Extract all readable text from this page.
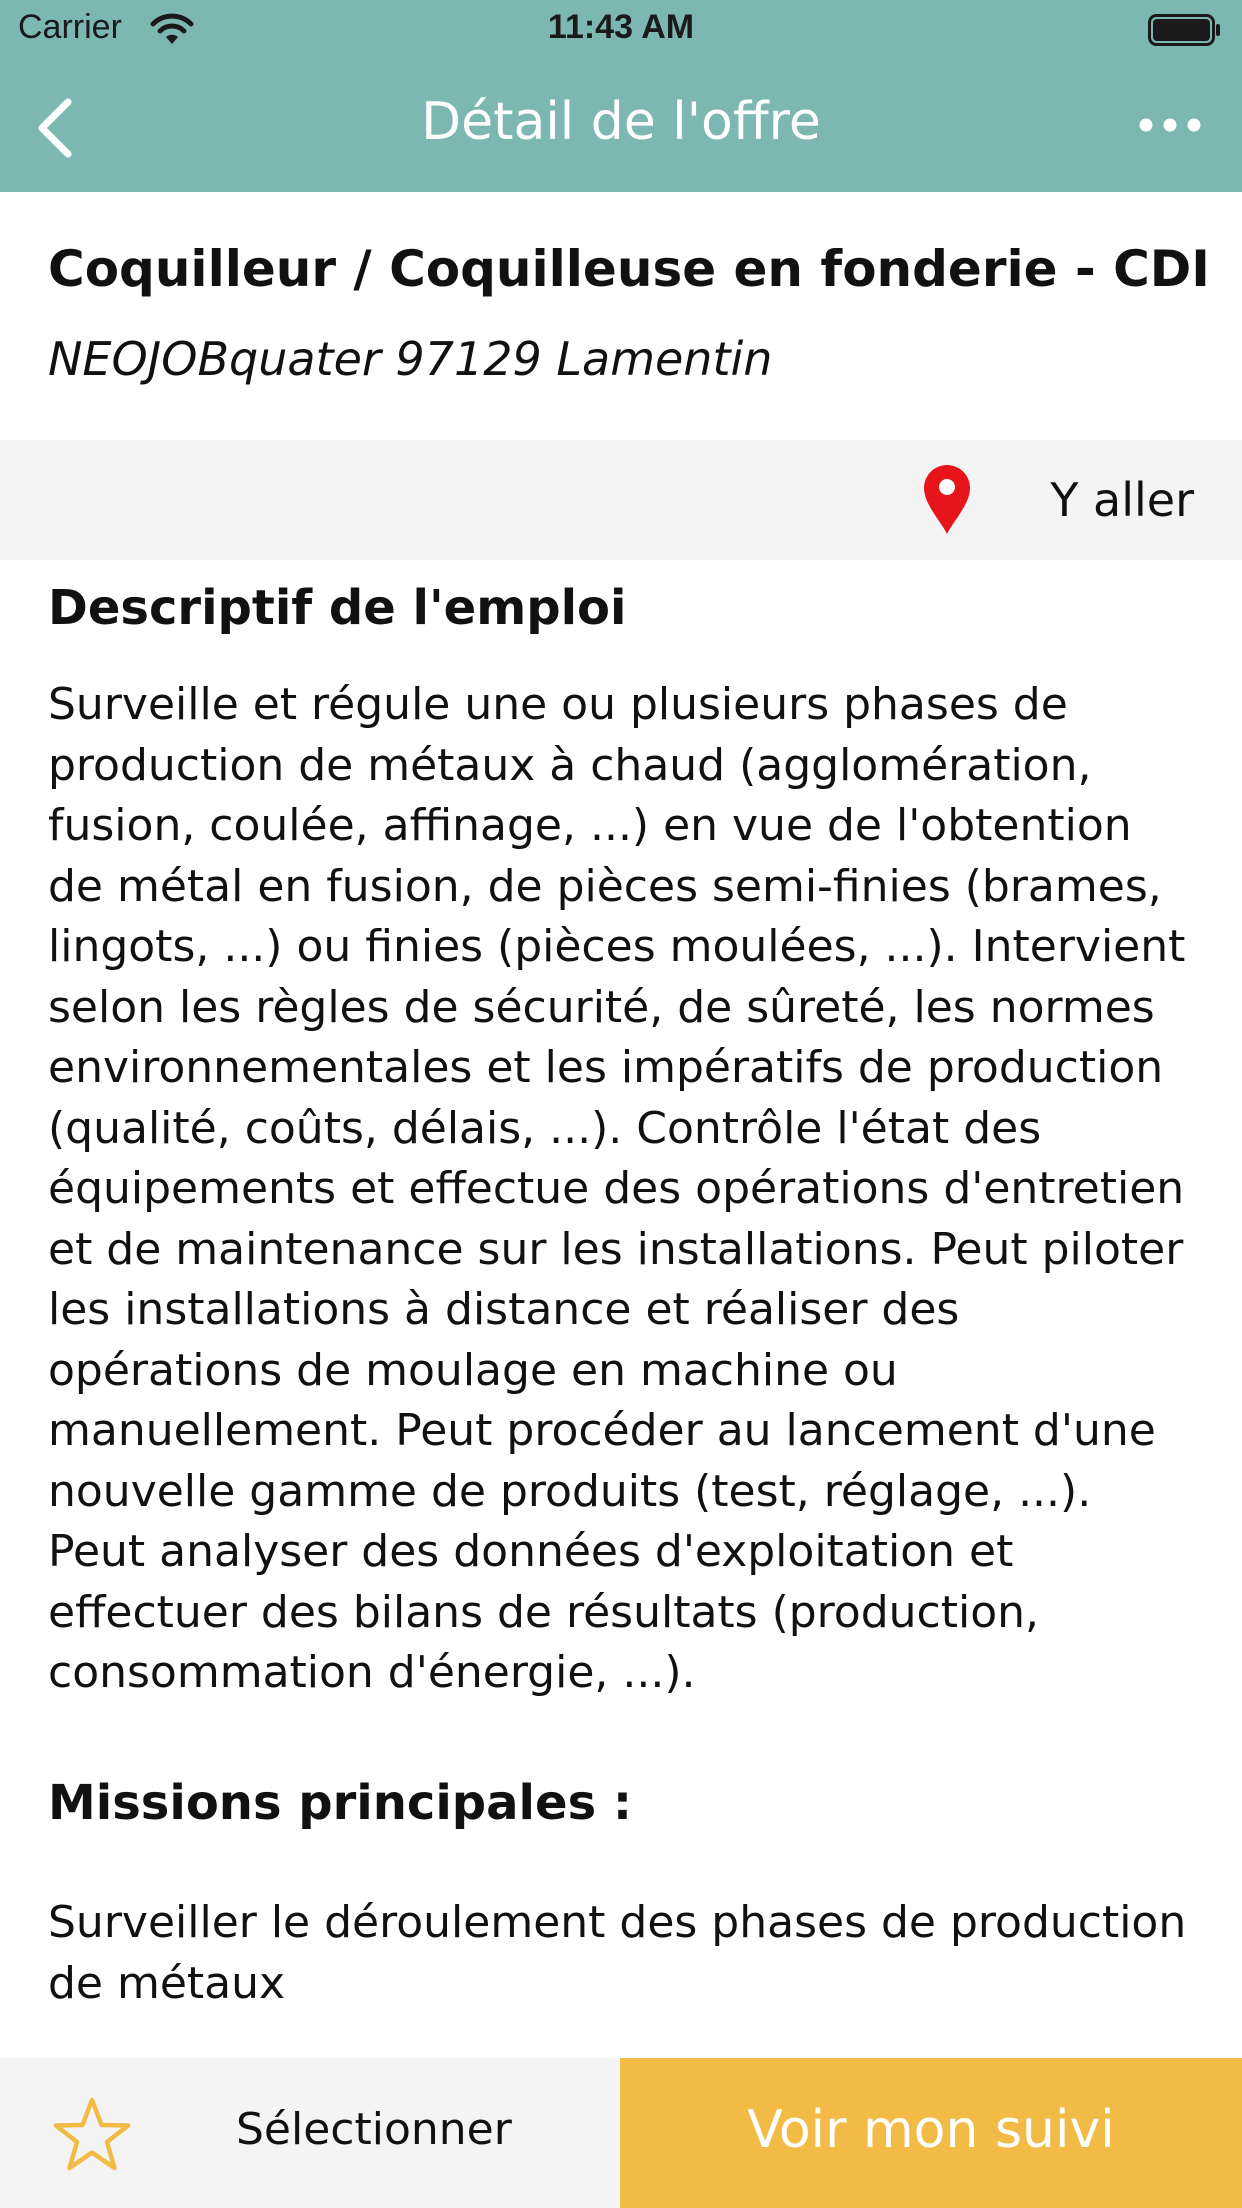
Carrier	11:43 AM
Détail de l'offre
Coquilleur / Coquilleuse en fonderie - CDI
NEOJOBquater 97129 Lamentin
Y aller
Descriptif de l'emploi

Surveille et régule une ou plusieurs phases de production de métaux à chaud (agglomération, fusion, coulée, affinage, ...) en vue de l'obtention de métal en fusion, de pièces semi-finies (brames, lingots, ...) ou finies (pièces moulées, ...). Intervient selon les règles de sécurité, de sûreté, les normes environnementales et les impératifs de production (qualité, coûts, délais, ...). Contrôle l'état des équipements et effectue des opérations d'entretien et de maintenance sur les installations. Peut piloter les installations à distance et réaliser des opérations de moulage en machine ou manuellement. Peut procéder au lancement d'une nouvelle gamme de produits (test, réglage, ...). Peut analyser des données d'exploitation et effectuer des bilans de résultats (production, consommation d'énergie, ...).

Missions principales :

Surveiller le déroulement des phases de production de métaux

Sélectionner	Voir mon suivi
